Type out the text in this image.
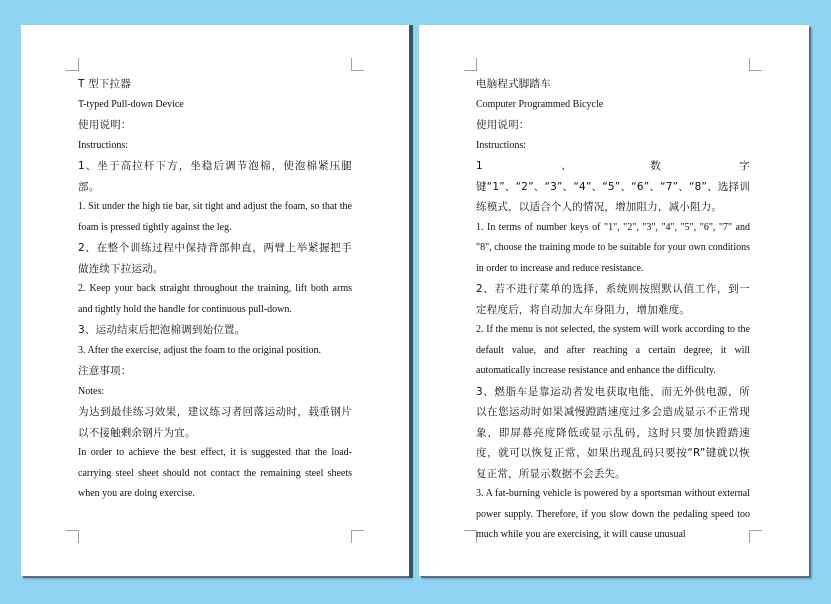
T 型下拉器

T-typed Pull-down Device

使用说明：

Instructions:

1、坐于高拉杆下方，坐稳后调节泡棉，使泡棉紧压腿部。

1. Sit under the high tie bar, sit tight and adjust the foam, so that the foam is pressed tightly against the leg.

2、在整个训练过程中保持背部伸直，两臂上举紧握把手做连续下拉运动。

2. Keep your back straight throughout the training, lift both arms and tightly hold the handle for continuous pull-down.

3、运动结束后把泡棉调到始位置。

3. After the exercise, adjust the foam to the original position.

注意事项：

Notes:

为达到最佳练习效果，建议练习者回落运动时，载重钢片以不接触剩余钢片为宜。

In order to achieve the best effect, it is suggested that the load-carrying steel sheet should not contact the remaining steel sheets when you are doing exercise.

电脑程式脚踏车

Computer Programmed Bicycle

使用说明：

Instructions:

1、数字键“1”、“2”、“3”、“4”、“5”、“6”、“7”、“8”、选择训练模式，以适合个人的情况，增加阻力，减小阻力。

1. In terms of number keys of "1", "2", "3", "4", "5", "6", "7" and "8", choose the training mode to be suitable for your own conditions in order to increase and reduce resistance.

2、若不进行菜单的选择，系统则按照默认值工作，到一定程度后，将自动加大车身阻力，增加难度。

2. If the menu is not selected, the system will work according to the default value, and after reaching a certain degree, it will automatically increase resistance and enhance the difficulty.

3、燃脂车是靠运动者发电获取电能，而无外供电源，所以在您运动时如果减慢蹬踏速度过多会造成显示不正常现象，即屏幕亮度降低或显示乱码，这时只要加快蹬踏速度，就可以恢复正常，如果出现乱码只要按“R”键就以恢复正常，所显示数据不会丢失。

3. A fat-burning vehicle is powered by a sportsman without external power supply. Therefore, if you slow down the pedaling speed too much while you are exercising, it will cause unusual
